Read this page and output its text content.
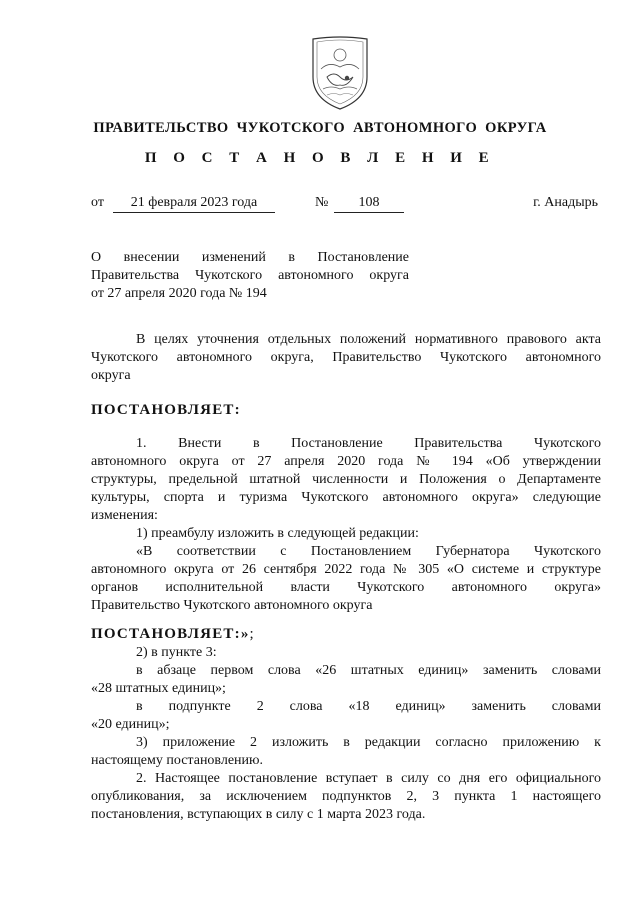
ПРАВИТЕЛЬСТВО ЧУКОТСКОГО АВТОНОМНОГО ОКРУГА
П О С Т А Н О В Л Е Н И Е
от	21 февраля 2023 года	№	108	г. Анадырь
О внесении изменений в Постановление
Правительства Чукотского автономного округа
от 27 апреля 2020 года № 194
В целях уточнения отдельных положений нормативного правового акта
Чукотского автономного округа, Правительство Чукотского автономного
округа
ПОСТАНОВЛЯЕТ:
1. Внести в Постановление Правительства Чукотского
автономного округа от 27 апреля 2020 года № 194 «Об утверждении
структуры, предельной штатной численности и Положения о Департаменте
культуры, спорта и туризма Чукотского автономного округа» следующие
изменения:
1) преамбулу изложить в следующей редакции:
«В соответствии с Постановлением Губернатора Чукотского
автономного округа от 26 сентября 2022 года № 305 «О системе и структуре
органов исполнительной власти Чукотского автономного округа»
Правительство Чукотского автономного округа
ПОСТАНОВЛЯЕТ:»;
2) в пункте 3:
в абзаце первом слова «26 штатных единиц» заменить словами
«28 штатных единиц»;
в подпункте 2 слова «18 единиц» заменить словами
«20 единиц»;
3) приложение 2 изложить в редакции согласно приложению к
настоящему постановлению.
2. Настоящее постановление вступает в силу со дня его официального
опубликования, за исключением подпунктов 2, 3 пункта 1 настоящего
постановления, вступающих в силу с 1 марта 2023 года.
